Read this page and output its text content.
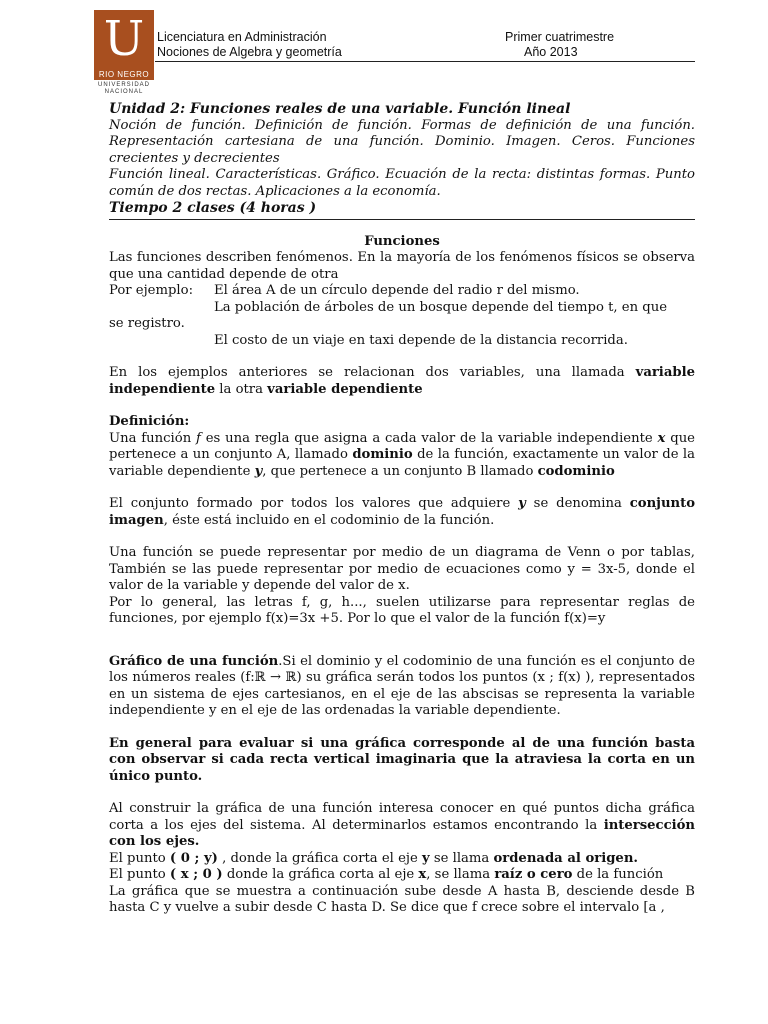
U
RIO NEGRO
UNIVERSIDAD
NACIONAL
Licenciatura en Administración
Nociones de Algebra y geometría
Primer cuatrimestre
Año 2013

Unidad 2: Funciones reales de una variable. Función lineal

Noción de función. Definición de función. Formas de definición de una función. Representación cartesiana de una función. Dominio. Imagen. Ceros. Funciones crecientes y decrecientes

Función lineal. Características. Gráfico. Ecuación de la recta: distintas formas. Punto común de dos rectas. Aplicaciones a la economía.

Tiempo 2 clases (4 horas )

Funciones

Las funciones describen fenómenos. En la mayoría de los fenómenos físicos se observa que una cantidad depende de otra

Por ejemplo: El área A de un círculo depende del radio r del mismo.

La población de árboles de un bosque depende del tiempo t, en que

se registro.

El costo de un viaje en taxi depende de la distancia recorrida.

En los ejemplos anteriores se relacionan dos variables, una llamada variable independiente la otra variable dependiente

Definición:

Una función f es una regla que asigna a cada valor de la variable independiente x que pertenece a un conjunto A, llamado dominio de la función, exactamente un valor de la variable dependiente y, que pertenece a un conjunto B llamado codominio

El conjunto formado por todos los valores que adquiere y se denomina conjunto imagen, éste está incluido en el codominio de la función.

Una función se puede representar por medio de un diagrama de Venn o por tablas, También se las puede representar por medio de ecuaciones como y = 3x-5, donde el valor de la variable y depende del valor de x.

Por lo general, las letras f, g, h..., suelen utilizarse para representar reglas de funciones, por ejemplo f(x)=3x +5. Por lo que el valor de la función f(x)=y

Gráfico de una función.Si el dominio y el codominio de una función es el conjunto de los números reales (f:ℝ → ℝ) su gráfica serán todos los puntos (x ; f(x) ), representados en un sistema de ejes cartesianos, en el eje de las abscisas se representa la variable independiente y en el eje de las ordenadas la variable dependiente.

En general para evaluar si una gráfica corresponde al de una función basta con observar si cada recta vertical imaginaria que la atraviesa la corta en un único punto.

Al construir la gráfica de una función interesa conocer en qué puntos dicha gráfica corta a los ejes del sistema. Al determinarlos estamos encontrando la intersección con los ejes.

El punto ( 0 ; y) , donde la gráfica corta el eje y se llama ordenada al origen.

El punto ( x ; 0 ) donde la gráfica corta al eje x, se llama raíz o cero de la función

La gráfica que se muestra a continuación sube desde A hasta B, desciende desde B hasta C y vuelve a subir desde C hasta D. Se dice que f crece sobre el intervalo [a ,
